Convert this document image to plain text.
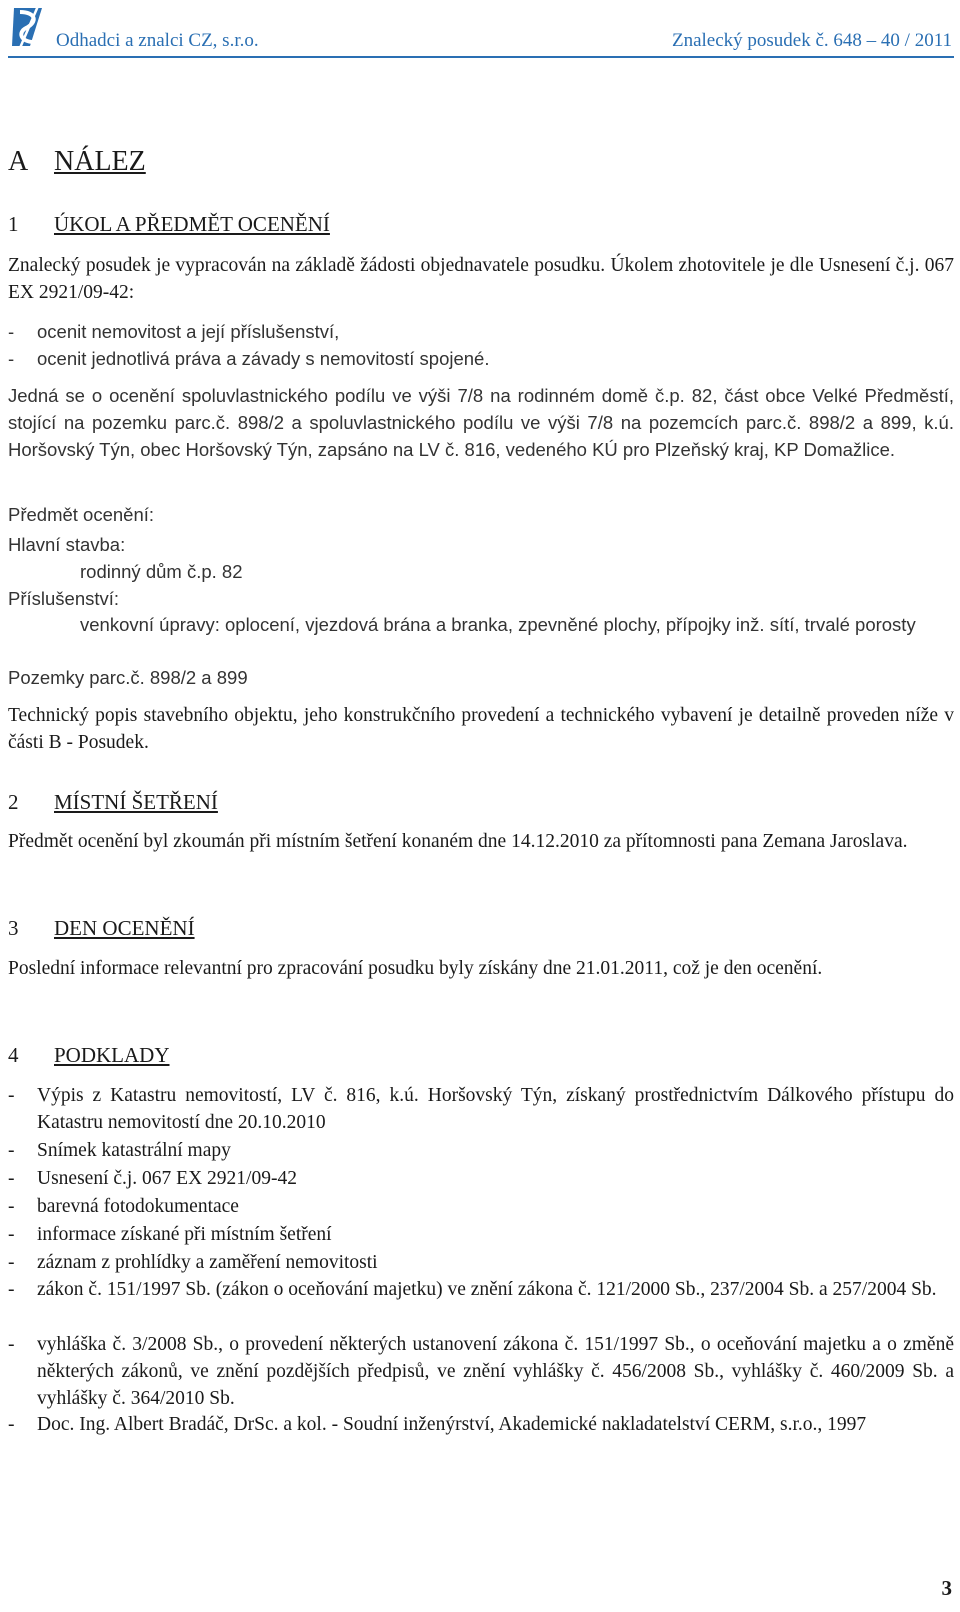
Odhadci a znalci CZ, s.r.o.	Znalecký posudek č. 648 – 40 / 2011
A NÁLEZ
1 ÚKOL A PŘEDMĚT OCENĚNÍ
Znalecký posudek je vypracován na základě žádosti objednavatele posudku. Úkolem zhotovitele je dle Usnesení č.j. 067 EX 2921/09-42:
- ocenit nemovitost a její příslušenství,
- ocenit jednotlivá práva a závady s nemovitostí spojené.
Jedná se o ocenění spoluvlastnického podílu ve výši 7/8 na rodinném domě č.p. 82, část obce Velké Předměstí, stojící na pozemku parc.č. 898/2 a spoluvlastnického podílu ve výši 7/8 na pozemcích parc.č. 898/2 a 899, k.ú. Horšovský Týn, obec Horšovský Týn, zapsáno na LV č. 816, vedeného KÚ pro Plzeňský kraj, KP Domažlice.
Předmět ocenění:
Hlavní stavba:
rodinný dům č.p. 82
Příslušenství:
venkovní úpravy: oplocení, vjezdová brána a branka, zpevněné plochy, přípojky inž. sítí, trvalé porosty
Pozemky parc.č. 898/2 a 899
Technický popis stavebního objektu, jeho konstrukčního provedení a technického vybavení je detailně proveden níže v části B - Posudek.
2 MÍSTNÍ ŠETŘENÍ
Předmět ocenění byl zkoumán při místním šetření konaném dne 14.12.2010 za přítomnosti pana Zemana Jaroslava.
3 DEN OCENĚNÍ
Poslední informace relevantní pro zpracování posudku byly získány dne 21.01.2011, což je den ocenění.
4 PODKLADY
- Výpis z Katastru nemovitostí, LV č. 816, k.ú. Horšovský Týn, získaný prostřednictvím Dálkového přístupu do Katastru nemovitostí dne 20.10.2010
- Snímek katastrální mapy
- Usnesení č.j. 067 EX 2921/09-42
- barevná fotodokumentace
- informace získané při místním šetření
- záznam z prohlídky a zaměření nemovitosti
- zákon č. 151/1997 Sb. (zákon o oceňování majetku) ve znění zákona č. 121/2000 Sb., 237/2004 Sb. a 257/2004 Sb.
- vyhláška č. 3/2008 Sb., o provedení některých ustanovení zákona č. 151/1997 Sb., o oceňování majetku a o změně některých zákonů, ve znění pozdějších předpisů, ve znění vyhlášky č. 456/2008 Sb., vyhlášky č. 460/2009 Sb. a vyhlášky č. 364/2010 Sb.
- Doc. Ing. Albert Bradáč, DrSc. a kol. - Soudní inženýrství, Akademické nakladatelství CERM, s.r.o., 1997
3
